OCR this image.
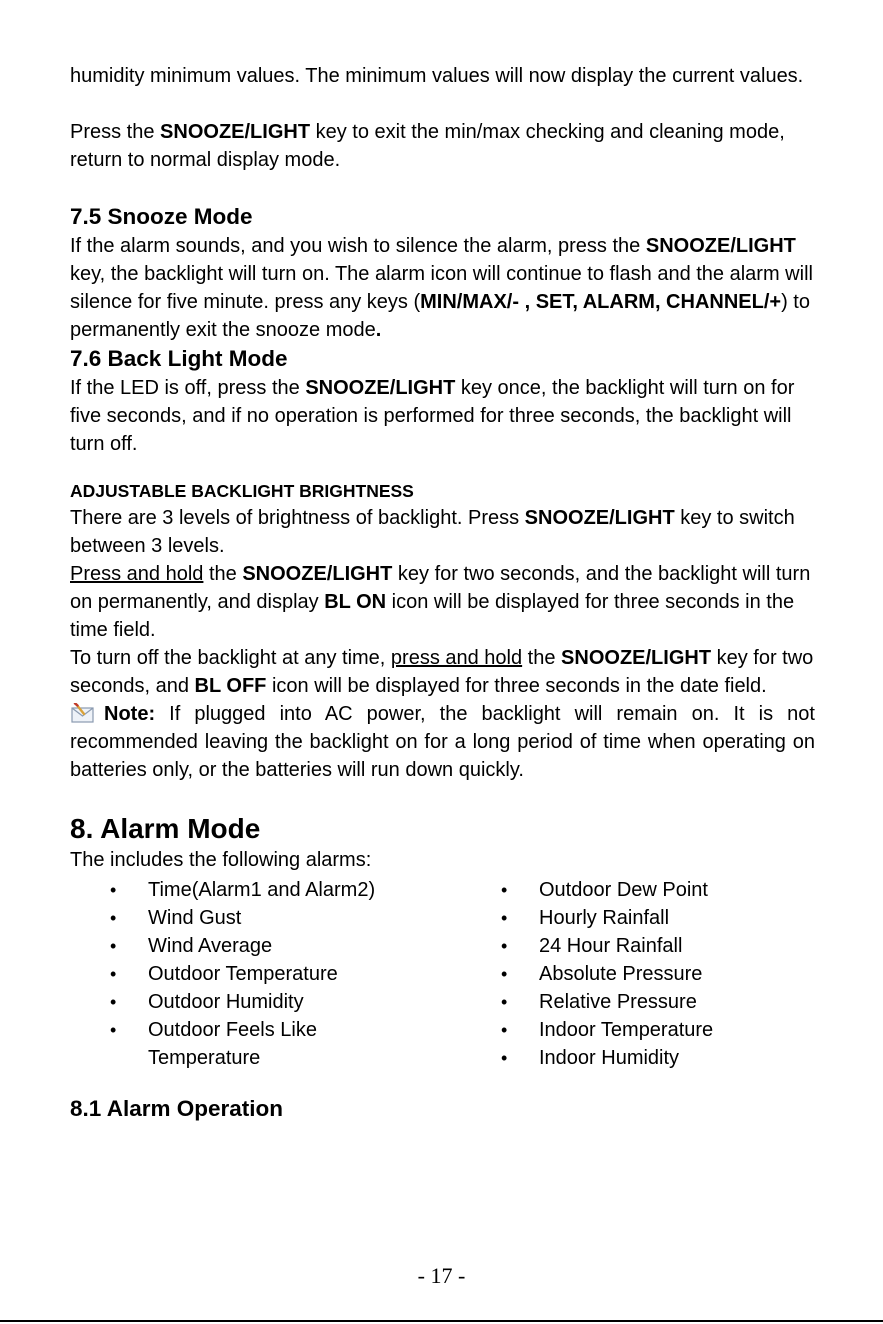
humidity minimum values. The minimum values will now display the current values.

Press the SNOOZE/LIGHT key to exit the min/max checking and cleaning mode, return to normal display mode.

7.5 Snooze Mode

If the alarm sounds, and you wish to silence the alarm, press the SNOOZE/LIGHT key, the backlight will turn on. The alarm icon will continue to flash and the alarm will silence for five minute. press any keys (MIN/MAX/- , SET, ALARM, CHANNEL/+) to permanently exit the snooze mode.

7.6 Back Light Mode

If the LED is off, press the SNOOZE/LIGHT key once, the backlight will turn on for five seconds, and if no operation is performed for three seconds, the backlight will turn off.

ADJUSTABLE BACKLIGHT BRIGHTNESS

There are 3 levels of brightness of backlight. Press SNOOZE/LIGHT key to switch between 3 levels.

Press and hold the SNOOZE/LIGHT key for two seconds, and the backlight will turn on permanently, and display BL ON icon will be displayed for three seconds in the time field.

To turn off the backlight at any time, press and hold the SNOOZE/LIGHT key for two seconds, and BL OFF icon will be displayed for three seconds in the date field.

Note: If plugged into AC power, the backlight will remain on. It is not recommended leaving the backlight on for a long period of time when operating on batteries only, or the batteries will run down quickly.

8. Alarm Mode

The includes the following alarms:

• Time(Alarm1 and Alarm2)
• Wind Gust
• Wind Average
• Outdoor Temperature
• Outdoor Humidity
• Outdoor Feels Like Temperature
• Outdoor Dew Point
• Hourly Rainfall
• 24 Hour Rainfall
• Absolute Pressure
• Relative Pressure
• Indoor Temperature
• Indoor Humidity
8.1 Alarm Operation
- 17 -
